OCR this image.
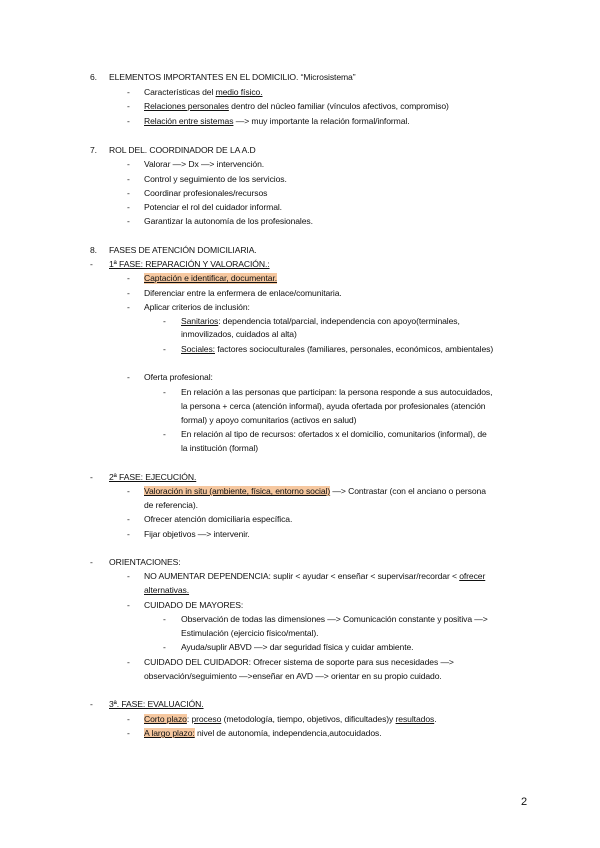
6. ELEMENTOS IMPORTANTES EN EL DOMICILIO. “Microsistema”
- Características del medio físico.
- Relaciones personales dentro del núcleo familiar (vínculos afectivos, compromiso)
- Relación entre sistemas —> muy importante la relación formal/informal.
7. ROL DEL. COORDINADOR DE LA A.D
- Valorar —> Dx —> intervención.
- Control y seguimiento de los servicios.
- Coordinar profesionales/recursos
- Potenciar el rol del cuidador informal.
- Garantizar la autonomía de los profesionales.
8. FASES DE ATENCIÓN DOMICILIARIA.
- 1ª FASE: REPARACIÓN Y VALORACIÓN.:
- Captación e identificar, documentar.
- Diferenciar entre la enfermera de enlace/comunitaria.
- Aplicar criterios de inclusión:
- Sanitarios: dependencia total/parcial, independencia con apoyo(terminales,
inmovilizados, cuidados al alta)
- Sociales: factores socioculturales (familiares, personales, económicos, ambientales)
- Oferta profesional:
- En relación a las personas que participan: la persona responde a sus autocuidados,
la persona + cerca (atención informal), ayuda ofertada por profesionales (atención
formal) y apoyo comunitarios (activos en salud)
- En relación al tipo de recursos: ofertados x el domicilio, comunitarios (informal), de
la institución (formal)
- 2ª FASE: EJECUCIÓN.
- Valoración in situ (ambiente, física, entorno social) —> Contrastar (con el anciano o persona
de referencia).
- Ofrecer atención domiciliaria específica.
- Fijar objetivos —> intervenir.
- ORIENTACIONES:
- NO AUMENTAR DEPENDENCIA: suplir < ayudar < enseñar < supervisar/recordar < ofrecer
alternativas.
- CUIDADO DE MAYORES:
- Observación de todas las dimensiones —> Comunicación constante y positiva —>
Estimulación (ejercicio físico/mental).
- Ayuda/suplir ABVD —> dar seguridad física y cuidar ambiente.
- CUIDADO DEL CUIDADOR: Ofrecer sistema de soporte para sus necesidades —>
observación/seguimiento —>enseñar en AVD —> orientar en su propio cuidado.
- 3ª. FASE: EVALUACIÓN.
- Corto plazo: proceso (metodología, tiempo, objetivos, dificultades)y resultados.
- A largo plazo: nivel de autonomía, independencia,autocuidados.
2
